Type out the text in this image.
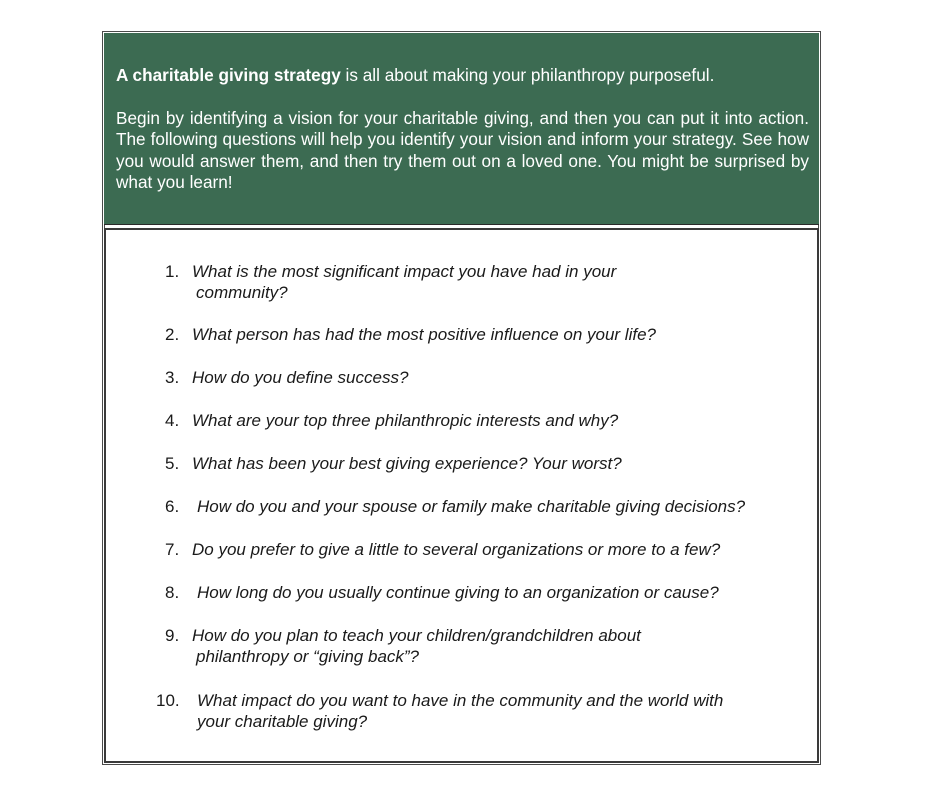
A charitable giving strategy is all about making your philanthropy purposeful.

Begin by identifying a vision for your charitable giving, and then you can put it into action. The following questions will help you identify your vision and inform your strategy. See how you would answer them, and then try them out on a loved one. You might be surprised by what you learn!

1. What is the most significant impact you have had in your
community?
2. What person has had the most positive influence on your life?
3. How do you define success?
4. What are your top three philanthropic interests and why?
5. What has been your best giving experience? Your worst?
6. How do you and your spouse or family make charitable giving decisions?
7. Do you prefer to give a little to several organizations or more to a few?
8. How long do you usually continue giving to an organization or cause?
9. How do you plan to teach your children/grandchildren about
philanthropy or “giving back”?
10. What impact do you want to have in the community and the world with
your charitable giving?
